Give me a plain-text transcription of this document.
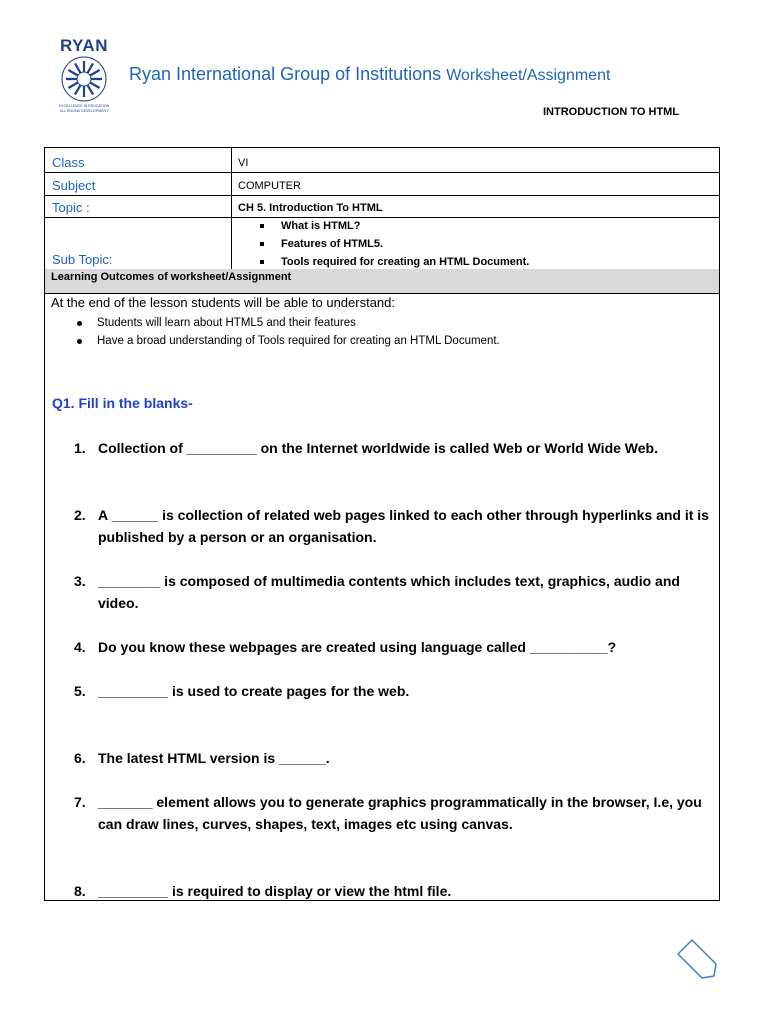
RYAN
EXCELLENCE IN EDUCATION
ALL ROUND DEVELOPMENT
Ryan International Group of Institutions Worksheet/Assignment
INTRODUCTION TO HTML
Class	VI
Subject	COMPUTER
Topic :	CH 5. Introduction To HTML
Sub Topic:
What is HTML?
Features of HTML5.
Tools required for creating an HTML Document.
Learning Outcomes of worksheet/Assignment
At the end of the lesson students will be able to understand:
Students will learn about HTML5 and their features
Have a broad understanding of Tools required for creating an HTML Document.
Q1. Fill in the blanks-
1. Collection of _________ on the Internet worldwide is called Web or World Wide Web.
2. A ______ is collection of related web pages linked to each other through hyperlinks and it is published by a person or an organisation.
3. ________ is composed of multimedia contents which includes text, graphics, audio and video.
4. Do you know these webpages are created using language called __________?
5. _________ is used to create pages for the web.
6. The latest HTML version is ______.
7. _______ element allows you to generate graphics programmatically in the browser, I.e, you can draw lines, curves, shapes, text, images etc using canvas.
8. _________ is required to display or view the html file.
